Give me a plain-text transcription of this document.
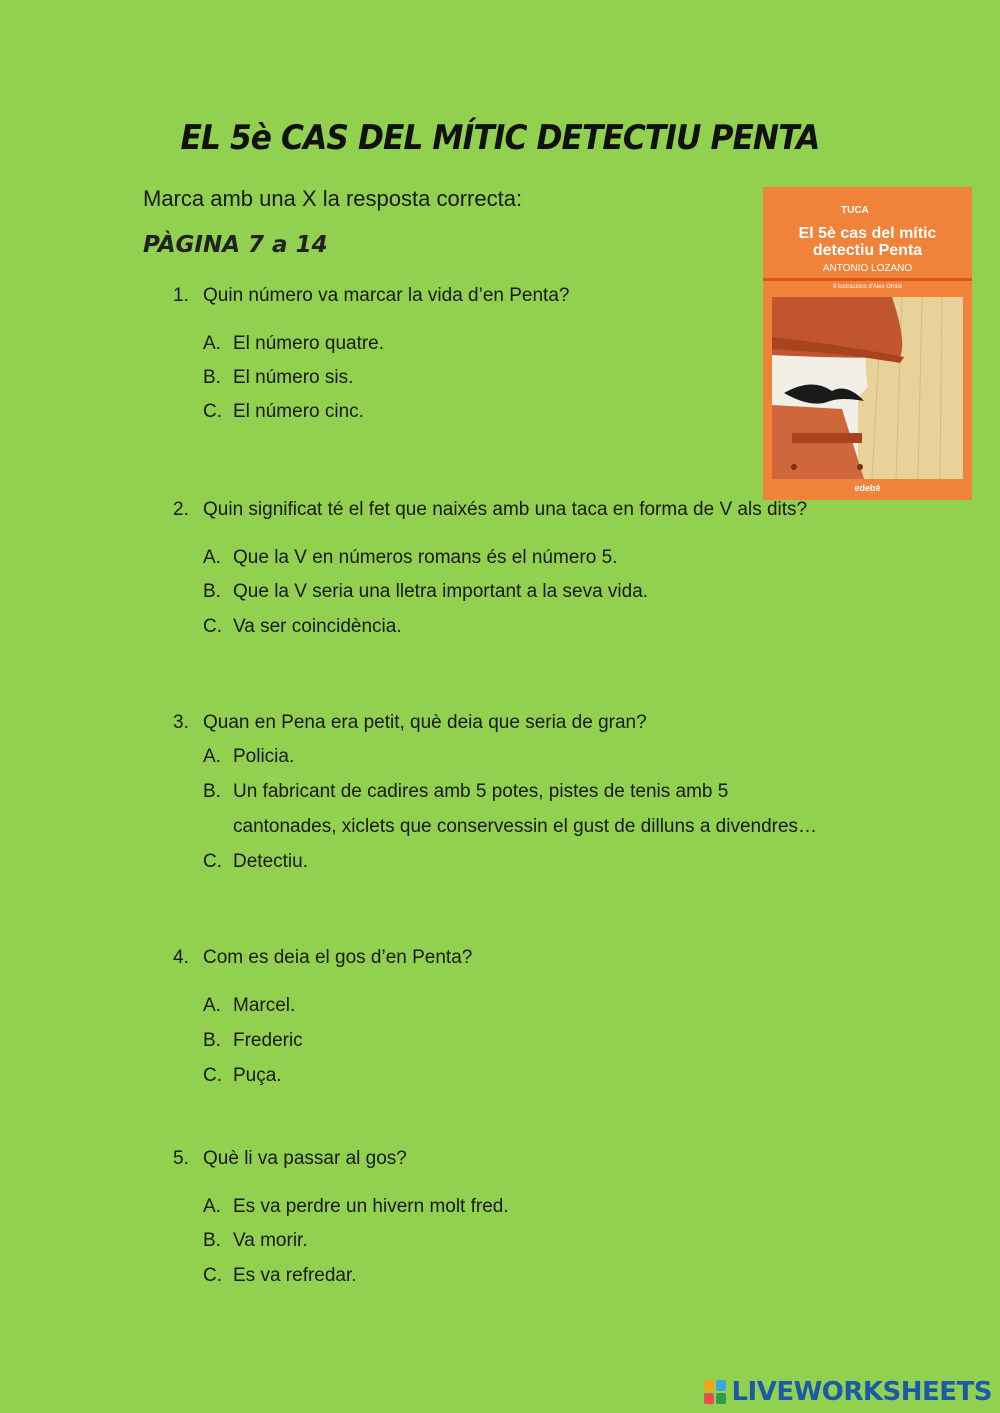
EL 5è CAS DEL MÍTIC DETECTIU PENTA
Marca amb una X la resposta correcta:
PÀGINA 7 a 14
TUCA
El 5è cas del mític
detectiu Penta
ANTONIO LOZANO
Il·lustracions d'Alex Omist
edebé
1. Quin número va marcar la vida d’en Penta?
A. El número quatre.
B. El número sis.
C. El número cinc.
2. Quin significat té el fet que naixés amb una taca en forma de V als dits?
A. Que la V en números romans és el número 5.
B. Que la V seria una lletra important a la seva vida.
C. Va ser coincidència.
3. Quan en Pena era petit, què deia que seria de gran?
A. Policia.
B. Un fabricant de cadires amb 5 potes, pistes de tenis amb 5
cantonades, xiclets que conservessin el gust de dilluns a divendres…
C. Detectiu.
4. Com es deia el gos d’en Penta?
A. Marcel.
B. Frederic
C. Puça.
5. Què li va passar al gos?
A. Es va perdre un hivern molt fred.
B. Va morir.
C. Es va refredar.
LIVEWORKSHEETS
